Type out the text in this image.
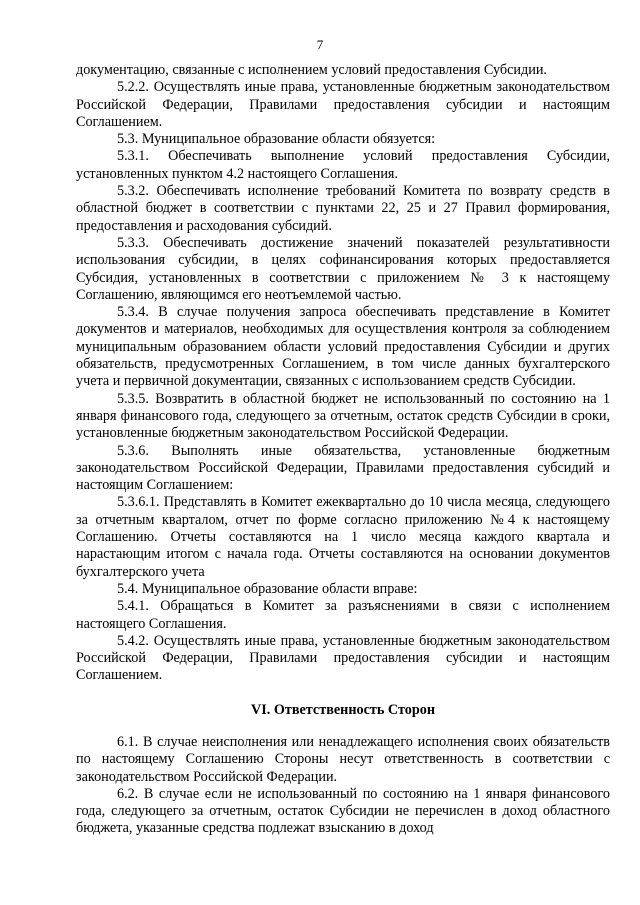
7

документацию, связанные с исполнением условий предоставления Субсидии.

5.2.2. Осуществлять иные права, установленные бюджетным законодательством Российской Федерации, Правилами предоставления субсидии и настоящим Соглашением.

5.3. Муниципальное образование области обязуется:

5.3.1. Обеспечивать выполнение условий предоставления Субсидии, установленных пунктом 4.2 настоящего Соглашения.

5.3.2. Обеспечивать исполнение требований Комитета по возврату средств в областной бюджет в соответствии с пунктами 22, 25 и 27 Правил формирования, предоставления и расходования субсидий.

5.3.3. Обеспечивать достижение значений показателей результативности использования субсидии, в целях софинансирования которых предоставляется Субсидия, установленных в соответствии с приложением № 3 к настоящему Соглашению, являющимся его неотъемлемой частью.

5.3.4. В случае получения запроса обеспечивать представление в Комитет документов и материалов, необходимых для осуществления контроля за соблюдением муниципальным образованием области условий предоставления Субсидии и других обязательств, предусмотренных Соглашением, в том числе данных бухгалтерского учета и первичной документации, связанных с использованием средств Субсидии.

5.3.5. Возвратить в областной бюджет не использованный по состоянию на 1 января финансового года, следующего за отчетным, остаток средств Субсидии в сроки, установленные бюджетным законодательством Российской Федерации.

5.3.6. Выполнять иные обязательства, установленные бюджетным законодательством Российской Федерации, Правилами предоставления субсидий и настоящим Соглашением:

5.3.6.1. Представлять в Комитет ежеквартально до 10 числа месяца, следующего за отчетным кварталом, отчет по форме согласно приложению №4 к настоящему Соглашению. Отчеты составляются на 1 число месяца каждого квартала и нарастающим итогом с начала года. Отчеты составляются на основании документов бухгалтерского учета

5.4. Муниципальное образование области вправе:

5.4.1. Обращаться в Комитет за разъяснениями в связи с исполнением настоящего Соглашения.

5.4.2. Осуществлять иные права, установленные бюджетным законодательством Российской Федерации, Правилами предоставления субсидии и настоящим Соглашением.

VI. Ответственность Сторон

6.1. В случае неисполнения или ненадлежащего исполнения своих обязательств по настоящему Соглашению Стороны несут ответственность в соответствии с законодательством Российской Федерации.

6.2. В случае если не использованный по состоянию на 1 января финансового года, следующего за отчетным, остаток Субсидии не перечислен в доход областного бюджета, указанные средства подлежат взысканию в доход
